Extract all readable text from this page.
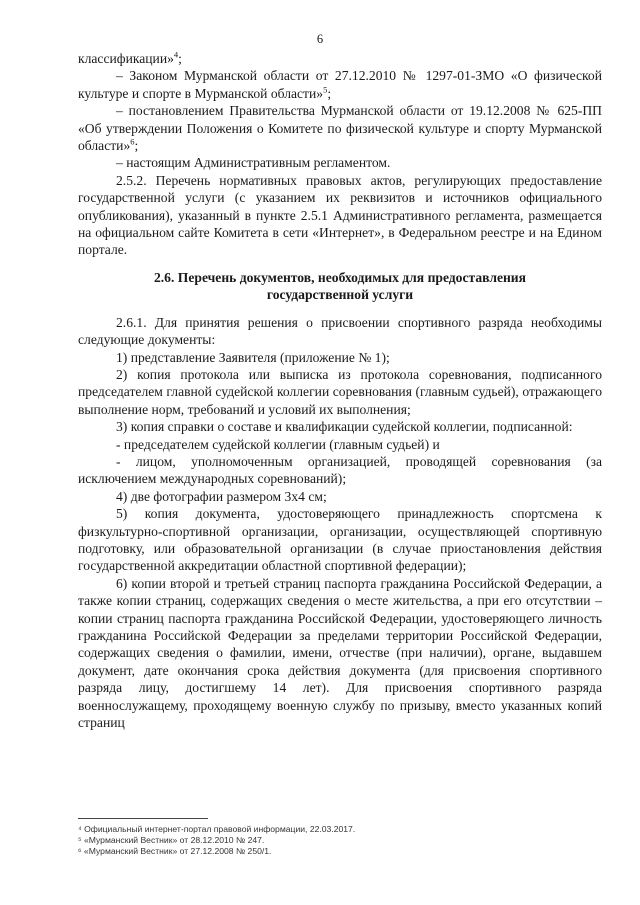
6

классификации»$^4$;

– Законом Мурманской области от 27.12.2010 № 1297-01-ЗМО «О физической культуре и спорте в Мурманской области»$^5$;

– постановлением Правительства Мурманской области от 19.12.2008 № 625-ПП «Об утверждении Положения о Комитете по физической культуре и спорту Мурманской области»$^6$;

– настоящим Административным регламентом.

2.5.2. Перечень нормативных правовых актов, регулирующих предоставление государственной услуги (с указанием их реквизитов и источников официального опубликования), указанный в пункте 2.5.1 Административного регламента, размещается на официальном сайте Комитета в сети «Интернет», в Федеральном реестре и на Едином портале.

2.6. Перечень документов, необходимых для предоставления

государственной услуги

2.6.1. Для принятия решения о присвоении спортивного разряда необходимы следующие документы:

1) представление Заявителя (приложение № 1);

2) копия протокола или выписка из протокола соревнования, подписанного председателем главной судейской коллегии соревнования (главным судьей), отражающего выполнение норм, требований и условий их выполнения;

3) копия справки о составе и квалификации судейской коллегии, подписанной:

- председателем судейской коллегии (главным судьей) и

- лицом, уполномоченным организацией, проводящей соревнования (за исключением международных соревнований);

4) две фотографии размером 3х4 см;

5) копия документа, удостоверяющего принадлежность спортсмена к физкультурно-спортивной организации, организации, осуществляющей спортивную подготовку, или образовательной организации (в случае приостановления действия государственной аккредитации областной спортивной федерации);

6) копии второй и третьей страниц паспорта гражданина Российской Федерации, а также копии страниц, содержащих сведения о месте жительства, а при его отсутствии – копии страниц паспорта гражданина Российской Федерации, удостоверяющего личность гражданина Российской Федерации за пределами территории Российской Федерации, содержащих сведения о фамилии, имени, отчестве (при наличии), органе, выдавшем документ, дате окончания срока действия документа (для присвоения спортивного разряда лицу, достигшему 14 лет). Для присвоения спортивного разряда военнослужащему, проходящему военную службу по призыву, вместо указанных копий страниц

⁴ Официальный интернет-портал правовой информации, 22.03.2017.

⁵ «Мурманский Вестник» от 28.12.2010 № 247.

⁶ «Мурманский Вестник» от 27.12.2008 № 250/1.
